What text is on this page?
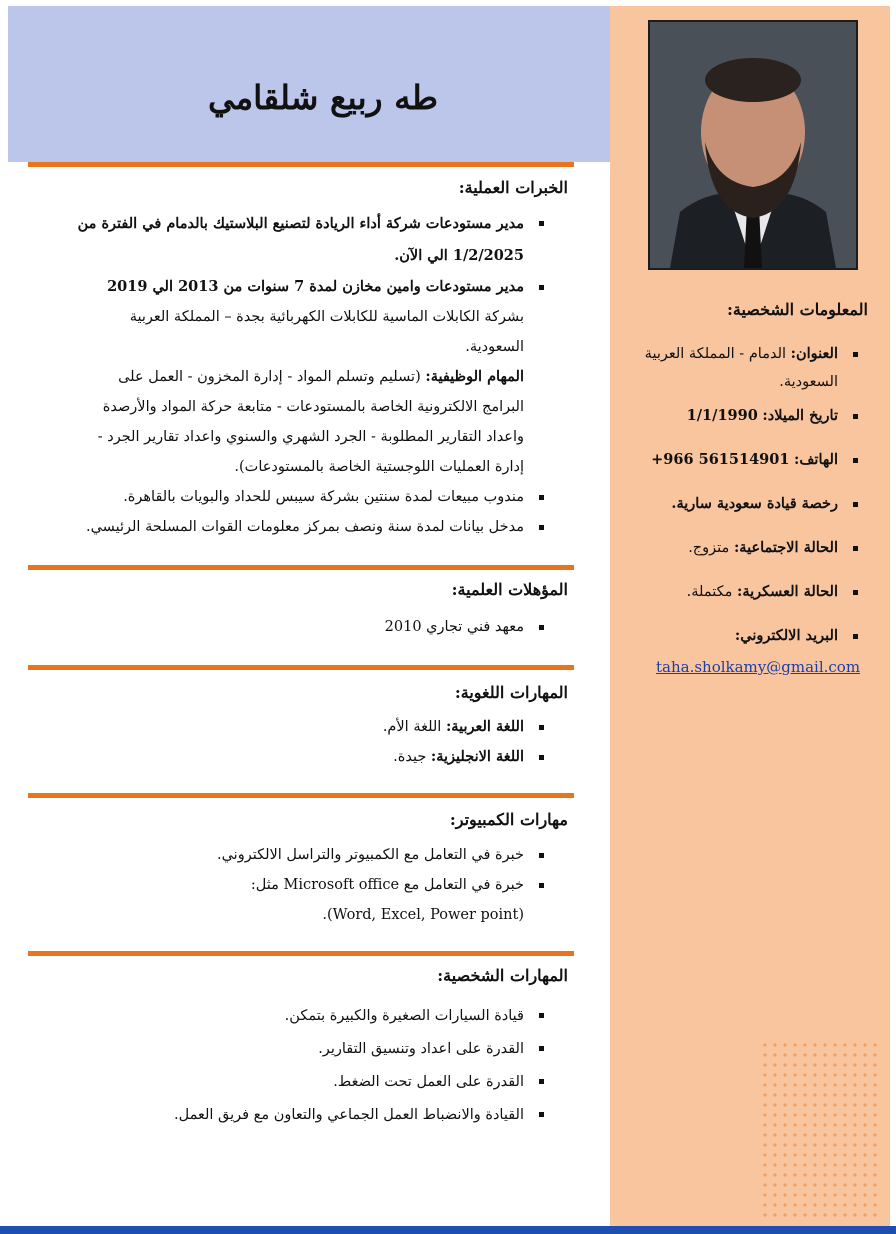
المعلومات الشخصية:
العنوان: الدمام - المملكة العربية السعودية.
تاريخ الميلاد: 1/1/1990
الهاتف: +966 561514901
رخصة قيادة سعودية سارية.
الحالة الاجتماعية: متزوج.
الحالة العسكرية: مكتملة.
البريد الالكتروني:
taha.sholkamy@gmail.com
طه ربيع شلقامي
الخبرات العملية:
مدير مستودعات شركة أداء الريادة لتصنيع البلاستيك بالدمام في الفترة من 1/2/2025 الي الآن.
مدير مستودعات وامين مخازن لمدة 7 سنوات من 2013 الي 2019 بشركة الكابلات الماسية للكابلات الكهربائية بجدة – المملكة العربية السعودية.
المهام الوظيفية: (تسليم وتسلم المواد - إدارة المخزون - العمل على البرامج الالكترونية الخاصة بالمستودعات - متابعة حركة المواد والأرصدة واعداد التقارير المطلوبة - الجرد الشهري والسنوي واعداد تقارير الجرد - إدارة العمليات اللوجستية الخاصة بالمستودعات).
مندوب مبيعات لمدة سنتين بشركة سيبس للحداد والبويات بالقاهرة.
مدخل بيانات لمدة سنة ونصف بمركز معلومات القوات المسلحة الرئيسي.
المؤهلات العلمية:
معهد فني تجاري 2010
المهارات اللغوية:
اللغة العربية: اللغة الأم.
اللغة الانجليزية: جيدة.
مهارات الكمبيوتر:
خبرة في التعامل مع الكمبيوتر والتراسل الالكتروني.
خبرة في التعامل مع Microsoft office مثل: (Word, Excel, Power point).
المهارات الشخصية:
قيادة السيارات الصغيرة والكبيرة بتمكن.
القدرة على اعداد وتنسيق التقارير.
القدرة على العمل تحت الضغط.
القيادة والانضباط العمل الجماعي والتعاون مع فريق العمل.
